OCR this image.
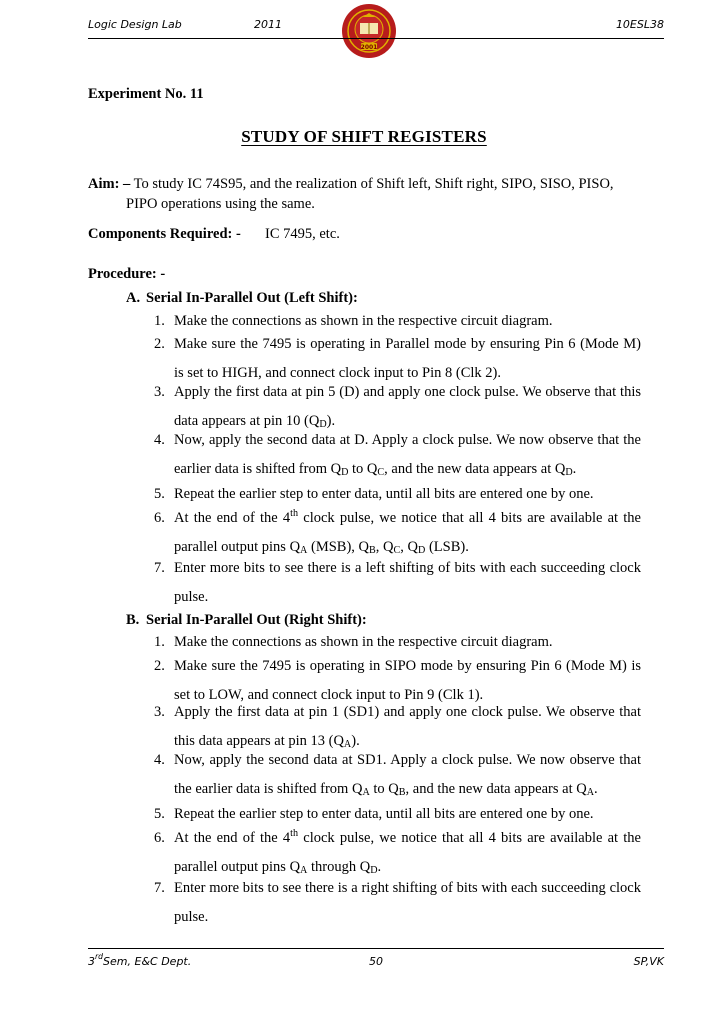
Logic Design Lab	2011	10ESL38
2001
Experiment No. 11
STUDY OF SHIFT REGISTERS
Aim: – To study IC 74S95, and the realization of Shift left, Shift right, SIPO, SISO, PISO,
PIPO operations using the same.
Components Required: - IC 7495, etc.
Procedure: -
3rdSem, E&C Dept.	50	SP,VK
A. Serial In-Parallel Out (Left Shift):
1. Make the connections as shown in the respective circuit diagram.
2. Make sure the 7495 is operating in Parallel mode by ensuring Pin 6 (Mode M) is set to HIGH, and connect clock input to Pin 8 (Clk 2).
3. Apply the first data at pin 5 (D) and apply one clock pulse. We observe that this data appears at pin 10 $(Q_D)$.
4. Now, apply the second data at D. Apply a clock pulse. We now observe that the earlier data is shifted from $Q_D$ to $Q_C$, and the new data appears at $Q_D$.
5. Repeat the earlier step to enter data, until all bits are entered one by one.
6. At the end of the 4th clock pulse, we notice that all 4 bits are available at the parallel output pins $Q_A$ (MSB), $Q_B$, $Q_C$, $Q_D$ (LSB).
7. Enter more bits to see there is a left shifting of bits with each succeeding clock pulse.
B. Serial In-Parallel Out (Right Shift):
1. Make the connections as shown in the respective circuit diagram.
2. Make sure the 7495 is operating in SIPO mode by ensuring Pin 6 (Mode M) is set to LOW, and connect clock input to Pin 9 (Clk 1).
3. Apply the first data at pin 1 (SD1) and apply one clock pulse. We observe that this data appears at pin 13 $(Q_A)$.
4. Now, apply the second data at SD1. Apply a clock pulse. We now observe that the earlier data is shifted from $Q_A$ to $Q_B$, and the new data appears at $Q_A$.
5. Repeat the earlier step to enter data, until all bits are entered one by one.
6. At the end of the 4th clock pulse, we notice that all 4 bits are available at the parallel output pins $Q_A$ through $Q_D$.
7. Enter more bits to see there is a right shifting of bits with each succeeding clock pulse.
